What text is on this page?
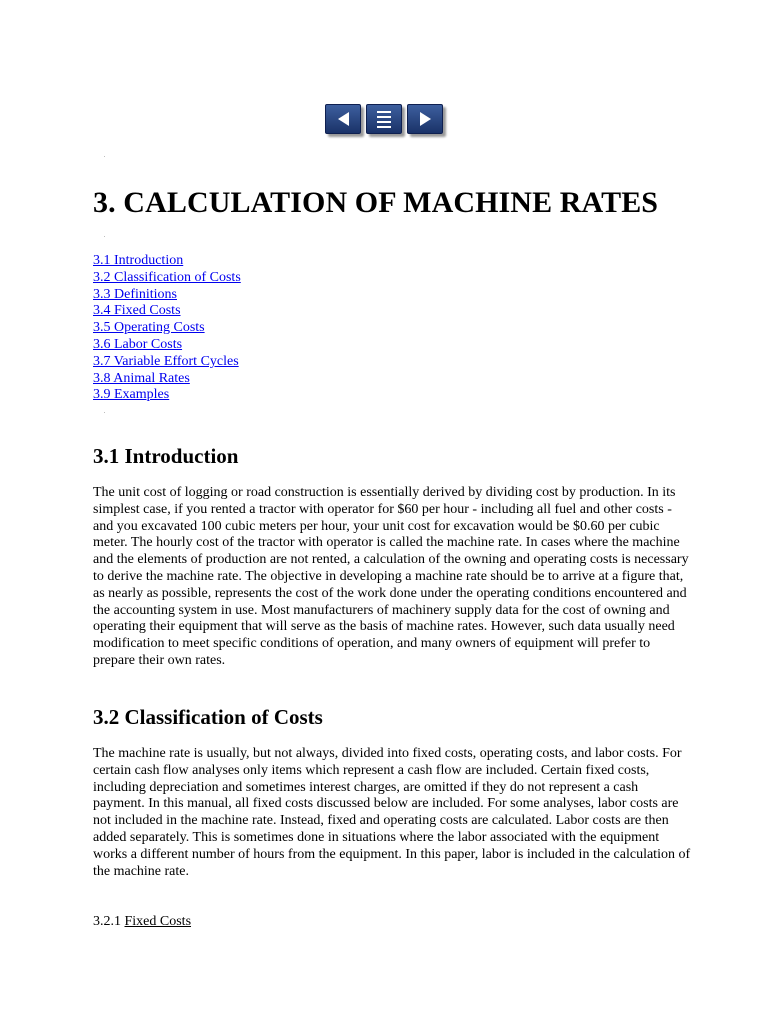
3. CALCULATION OF MACHINE RATES
3.1 Introduction
3.2 Classification of Costs
3.3 Definitions
3.4 Fixed Costs
3.5 Operating Costs
3.6 Labor Costs
3.7 Variable Effort Cycles
3.8 Animal Rates
3.9 Examples
3.1 Introduction

The unit cost of logging or road construction is essentially derived by dividing cost by production. In its simplest case, if you rented a tractor with operator for $60 per hour - including all fuel and other costs - and you excavated 100 cubic meters per hour, your unit cost for excavation would be $0.60 per cubic meter. The hourly cost of the tractor with operator is called the machine rate. In cases where the machine and the elements of production are not rented, a calculation of the owning and operating costs is necessary to derive the machine rate. The objective in developing a machine rate should be to arrive at a figure that, as nearly as possible, represents the cost of the work done under the operating conditions encountered and the accounting system in use. Most manufacturers of machinery supply data for the cost of owning and operating their equipment that will serve as the basis of machine rates. However, such data usually need modification to meet specific conditions of operation, and many owners of equipment will prefer to prepare their own rates.

3.2 Classification of Costs

The machine rate is usually, but not always, divided into fixed costs, operating costs, and labor costs. For certain cash flow analyses only items which represent a cash flow are included. Certain fixed costs, including depreciation and sometimes interest charges, are omitted if they do not represent a cash payment. In this manual, all fixed costs discussed below are included. For some analyses, labor costs are not included in the machine rate. Instead, fixed and operating costs are calculated. Labor costs are then added separately. This is sometimes done in situations where the labor associated with the equipment works a different number of hours from the equipment. In this paper, labor is included in the calculation of the machine rate.

3.2.1 Fixed Costs
